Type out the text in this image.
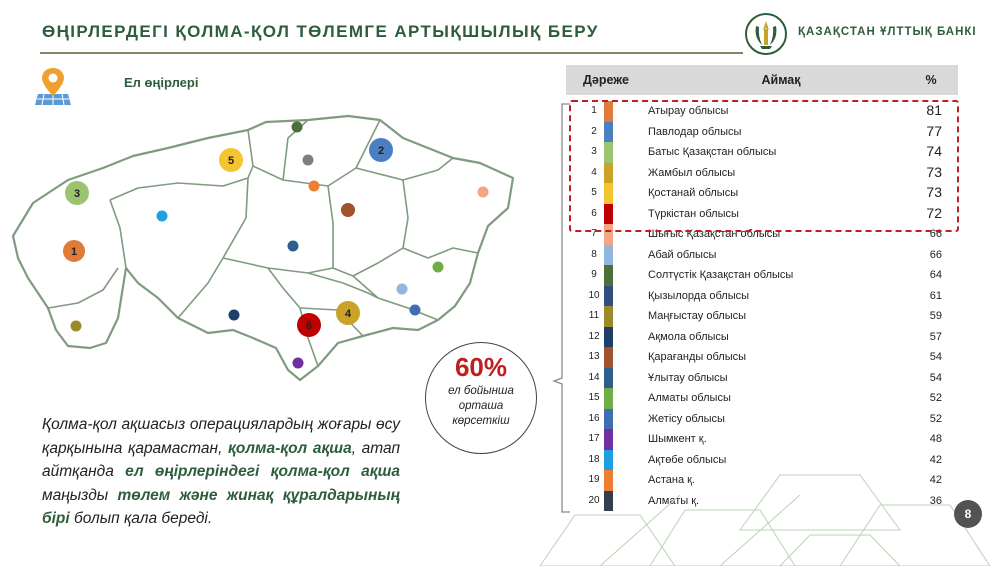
ӨҢІРЛЕРДЕГІ ҚОЛМА-ҚОЛ ТӨЛЕМГЕ АРТЫҚШЫЛЫҚ БЕРУ	ҚАЗАҚСТАН ҰЛТТЫҚ БАНКІ
Ел өңірлері
1
2
3
4
5
6
Қолма-қол ақшасыз операциялардың жоғары өсу қарқынына қарамастан, қолма-қол ақша, атап айтқанда ел өңірлеріндегі қолма-қол ақша маңызды төлем және жинақ құралдарының бірі болып қала береді.
60%
ел бойынша
орташа
көрсеткіш
Дәреже	Аймақ	%
1	Атырау облысы	81
2	Павлодар облысы	77
3	Батыс Қазақстан облысы	74
4	Жамбыл облысы	73
5	Қостанай облысы	73
6	Түркістан облысы	72
7	Шығыс Қазақстан облысы	66
8	Абай облысы	66
9	Солтүстік Қазақстан облысы	64
10	Қызылорда облысы	61
11	Маңғыстау облысы	59
12	Ақмола облысы	57
13	Қарағанды облысы	54
14	Ұлытау облысы	54
15	Алматы облысы	52
16	Жетісу облысы	52
17	Шымкент қ.	48
18	Ақтөбе облысы	42
19	Астана қ.	42
20	Алматы қ.	36
8
